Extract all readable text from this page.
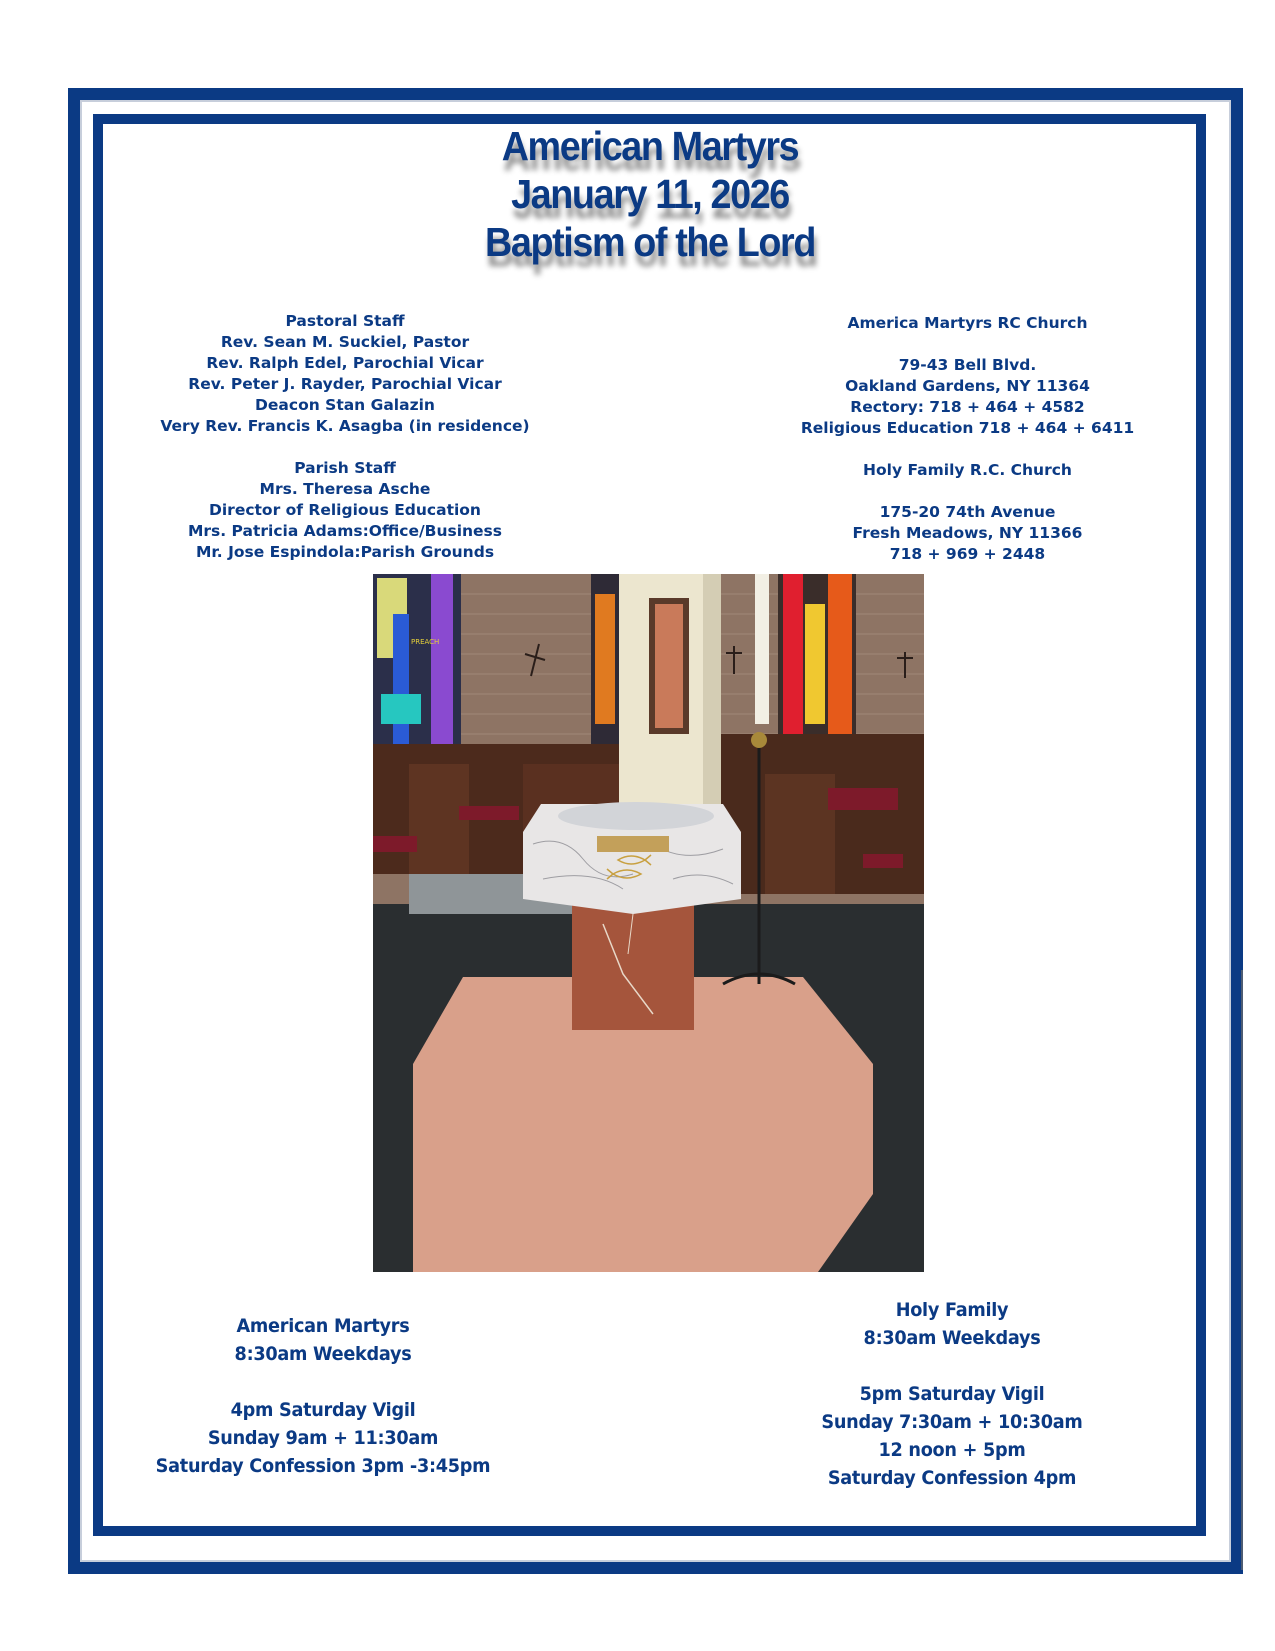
American Martyrs
January 11, 2026
Baptism of the Lord
Pastoral Staff
Rev. Sean M. Suckiel, Pastor
Rev. Ralph Edel, Parochial Vicar
Rev. Peter J. Rayder, Parochial Vicar
Deacon Stan Galazin
Very Rev. Francis K. Asagba (in residence)
Parish Staff
Mrs. Theresa Asche
Director of Religious Education
Mrs. Patricia Adams:Office/Business
Mr. Jose Espindola:Parish Grounds
America Martyrs RC Church
79-43 Bell Blvd.
Oakland Gardens, NY 11364
Rectory: 718 + 464 + 4582
Religious Education 718 + 464 + 6411
Holy Family R.C. Church
175-20 74th Avenue
Fresh Meadows, NY 11366
718 + 969 + 2448
PREACH
American Martyrs
8:30am Weekdays
4pm Saturday Vigil
Sunday 9am + 11:30am
Saturday Confession 3pm -3:45pm
Holy Family
8:30am Weekdays
5pm Saturday Vigil
Sunday 7:30am + 10:30am
12 noon + 5pm
Saturday Confession 4pm
